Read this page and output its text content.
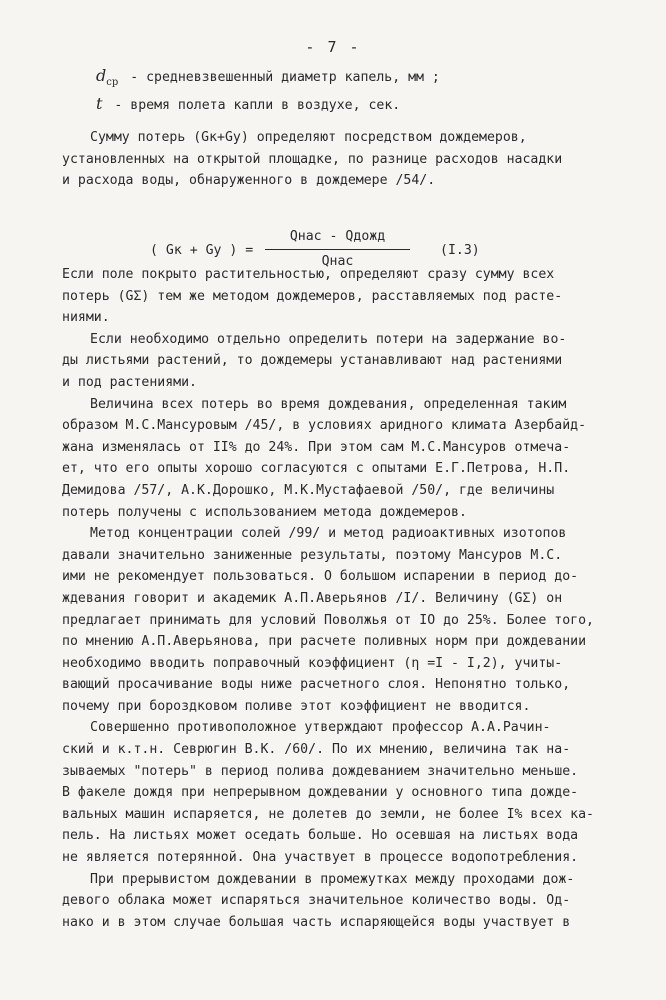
- 7 -
$d_{ср}$ - средневзвешенный диаметр капель, мм ;
t - время полета капли в воздухе, сек.
Сумму потерь (Gк+Gу) определяют посредством дождемеров,
установленных на открытой площадке, по разнице расходов насадки
и расхода воды, обнаруженного в дождемере /54/.
( Gк + Gу ) =
Qнас - Qдожд
Qнас
(I.3)
Если поле покрыто растительностью, определяют сразу сумму всех
потерь (GΣ) тем же методом дождемеров, расставляемых под расте-
ниями.
Если необходимо отдельно определить потери на задержание во-
ды листьями растений, то дождемеры устанавливают над растениями
и под растениями.
Величина всех потерь во время дождевания, определенная таким
образом М.С.Мансуровым /45/, в условиях аридного климата Азербайд-
жана изменялась от II% до 24%. При этом сам М.С.Мансуров отмеча-
ет, что его опыты хорошо согласуются с опытами Е.Г.Петрова, Н.П.
Демидова /57/, А.К.Дорошко, М.К.Мустафаевой /50/, где величины
потерь получены с использованием метода дождемеров.
Метод концентрации солей /99/ и метод радиоактивных изотопов
давали значительно заниженные результаты, поэтому Мансуров М.С.
ими не рекомендует пользоваться. О большом испарении в период до-
ждевания говорит и академик А.П.Аверьянов /I/. Величину (GΣ) он
предлагает принимать для условий Поволжья от IO до 25%. Более того,
по мнению А.П.Аверьянова, при расчете поливных норм при дождевании
необходимо вводить поправочный коэффициент (η =I - I,2), учиты-
вающий просачивание воды ниже расчетного слоя. Непонятно только,
почему при бороздковом поливе этот коэффициент не вводится.
Совершенно противоположное утверждают профессор А.А.Рачин-
ский и к.т.н. Севрюгин В.К. /60/. По их мнению, величина так на-
зываемых "потерь" в период полива дождеванием значительно меньше.
В факеле дождя при непрерывном дождевании у основного типа дожде-
вальных машин испаряется, не долетев до земли, не более I% всех ка-
пель. На листьях может оседать больше. Но осевшая на листьях вода
не является потерянной. Она участвует в процессе водопотребления.
При прерывистом дождевании в промежутках между проходами дож-
девого облака может испаряться значительное количество воды. Од-
нако и в этом случае большая часть испаряющейся воды участвует в
